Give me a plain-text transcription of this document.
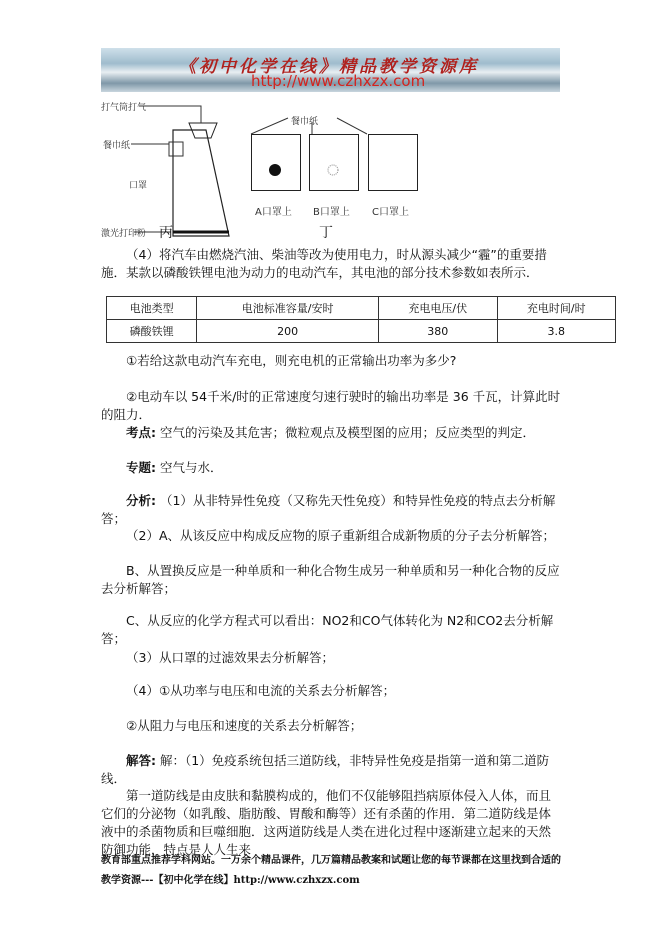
《初中化学在线》精品教学资源库
http://www.czhxzx.com
打气筒打气
餐巾纸
口罩
激光打印粉 丙
餐巾纸
A口罩上 B口罩上 C口罩上
丁
（4）将汽车由燃烧汽油、柴油等改为使用电力，时从源头减少“霾”的重要措施．某款以磷酸铁锂电池为动力的电动汽车，其电池的部分技术参数如表所示．
电池类型	电池标准容量/安时	充电电压/伏	充电时间/时
磷酸铁锂	200	380	3.8
①若给这款电动汽车充电，则充电机的正常输出功率为多少?
②电动车以 54千米/时的正常速度匀速行驶时的输出功率是 36 千瓦，计算此时的阻力．
考点: 空气的污染及其危害；微粒观点及模型图的应用；反应类型的判定．
专题: 空气与水．
分析: （1）从非特异性免疫（又称先天性免疫）和特异性免疫的特点去分析解答；
（2）A、从该反应中构成反应物的原子重新组合成新物质的分子去分析解答；
B、从置换反应是一种单质和一种化合物生成另一种单质和另一种化合物的反应去分析解答；
C、从反应的化学方程式可以看出：NO2和CO气体转化为 N2和CO2去分析解答；
（3）从口罩的过滤效果去分析解答；
（4）①从功率与电压和电流的关系去分析解答；
②从阻力与电压和速度的关系去分析解答；
解答: 解：（1）免疫系统包括三道防线，非特异性免疫是指第一道和第二道防线．
第一道防线是由皮肤和黏膜构成的，他们不仅能够阻挡病原体侵入人体，而且它们的分泌物（如乳酸、脂肪酸、胃酸和酶等）还有杀菌的作用．第二道防线是体液中的杀菌物质和巨噬细胞．这两道防线是人类在进化过程中逐渐建立起来的天然防御功能，特点是人人生来
教育部重点推荐学科网站。一万余个精品课件，几万篇精品教案和试题让您的每节课都在这里找到合适的
教学资源---【初中化学在线】http://www.czhxzx.com
